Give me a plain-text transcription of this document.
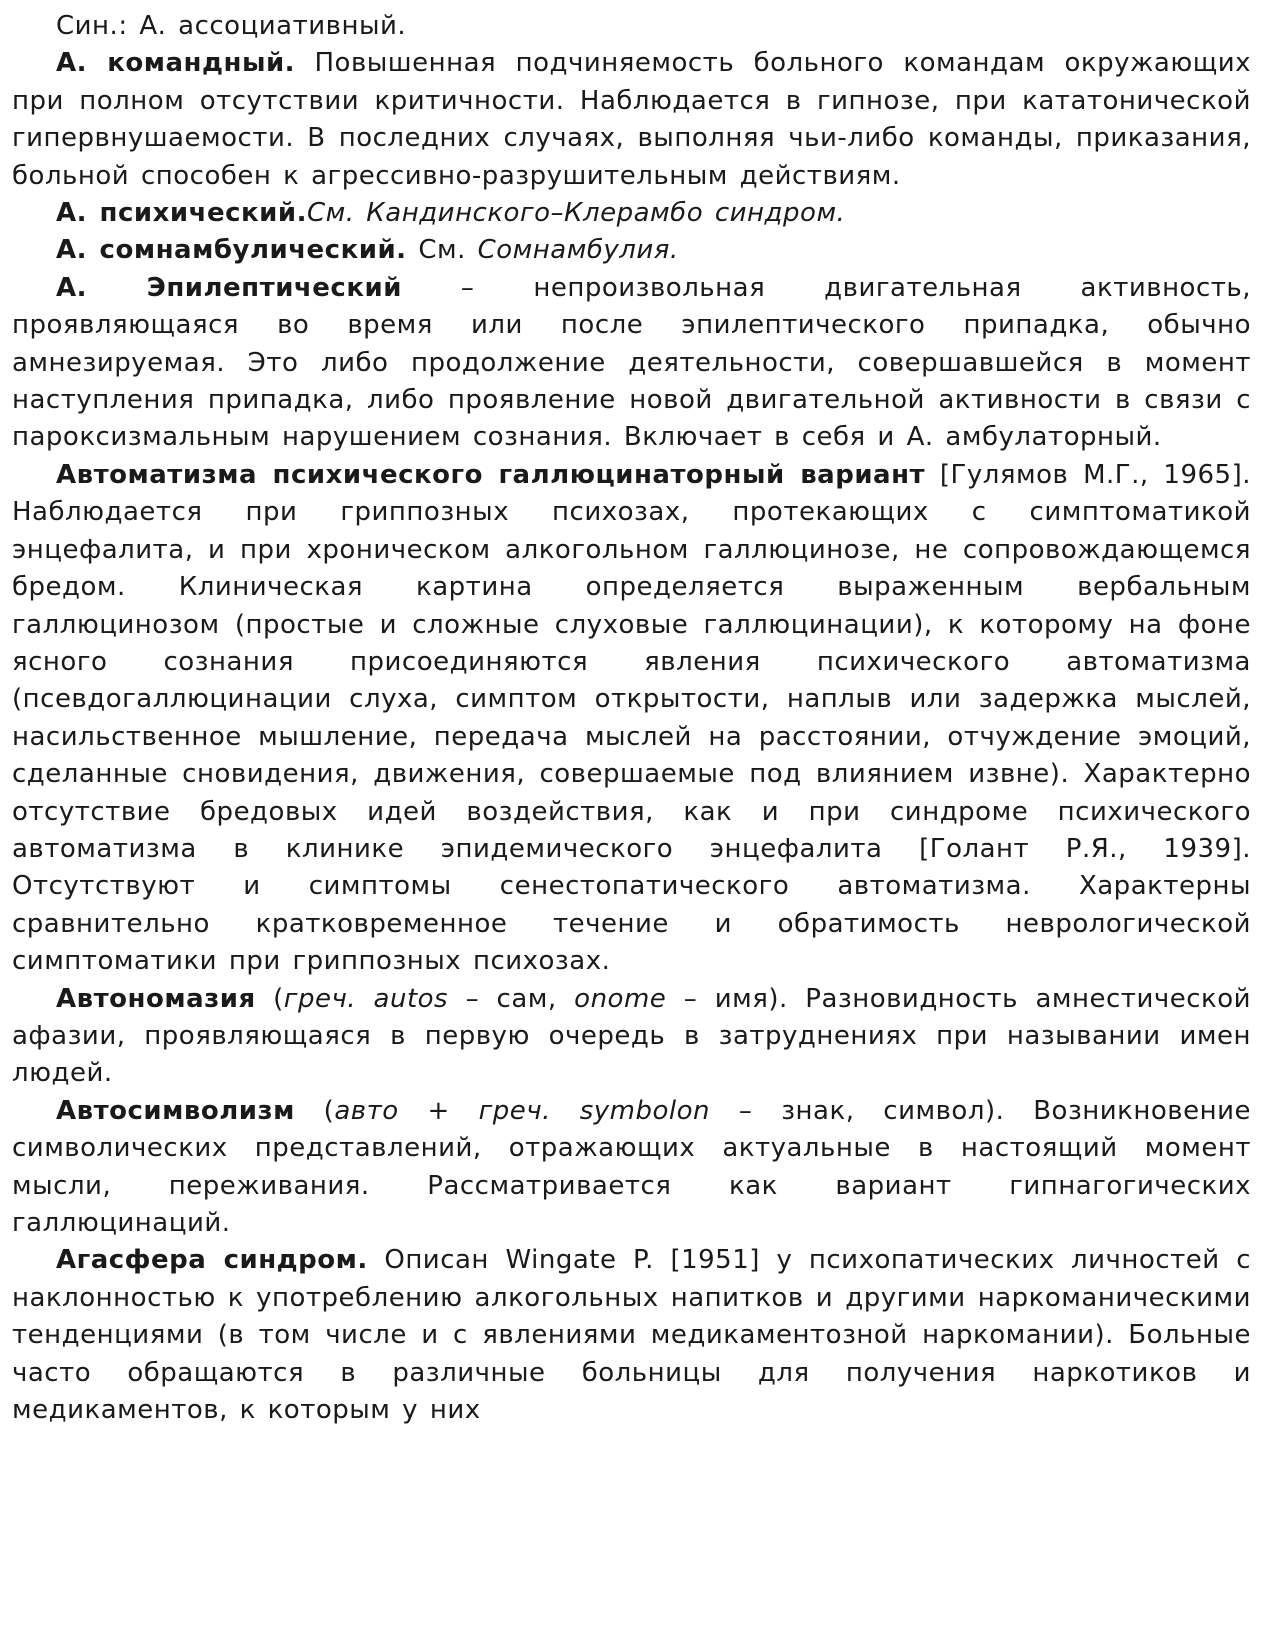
Син.: А. ассоциативный.

А. командный. Повышенная подчиняемость больного командам окружающих при полном отсутствии критичности. Наблюдается в гипнозе, при кататонической гипервнушаемости. В последних случаях, выполняя чьи-либо команды, приказания, больной способен к агрессивно-разрушительным действиям.

А. психический.См. Кандинского–Клерамбо синдром.

А. сомнамбулический. См. Сомнамбулия.

А. Эпилептический – непроизвольная двигательная активность, проявляющаяся во время или после эпилептического припадка, обычно амнезируемая. Это либо продолжение деятельности, совершавшейся в момент наступления припадка, либо проявление новой двигательной активности в связи с пароксизмальным нарушением сознания. Включает в себя и А. амбулаторный.

Автоматизма психического галлюцинаторный вариант [Гулямов М.Г., 1965]. Наблюдается при гриппозных психозах, протекающих с симптоматикой энцефалита, и при хроническом алкогольном галлюцинозе, не сопровождающемся бредом. Клиническая картина определяется выраженным вербальным галлюцинозом (простые и сложные слуховые галлюцинации), к которому на фоне ясного сознания присоединяются явления психического автоматизма (псевдогаллюцинации слуха, симптом открытости, наплыв или задержка мыслей, насильственное мышление, передача мыслей на расстоянии, отчуждение эмоций, сделанные сновидения, движения, совершаемые под влиянием извне). Характерно отсутствие бредовых идей воздействия, как и при синдроме психического автоматизма в клинике эпидемического энцефалита [Голант Р.Я., 1939]. Отсутствуют и симптомы сенестопатического автоматизма. Характерны сравнительно кратковременное течение и обратимость неврологической симптоматики при гриппозных психозах.

Автономазия (греч. autos – сам, onome – имя). Разновидность амнестической афазии, проявляющаяся в первую очередь в затруднениях при назывании имен людей.

Автосимволизм (авто + греч. symbolon – знак, символ). Возникновение символических представлений, отражающих актуальные в настоящий момент мысли, переживания. Рассматривается как вариант гипнагогических галлюцинаций.

Агасфера синдром. Описан Wingate P. [1951] у психопатических личностей с наклонностью к употреблению алкогольных напитков и другими наркоманическими тенденциями (в том числе и с явлениями медикаментозной наркомании). Больные часто обращаются в различные больницы для получения наркотиков и медикаментов, к которым у них
